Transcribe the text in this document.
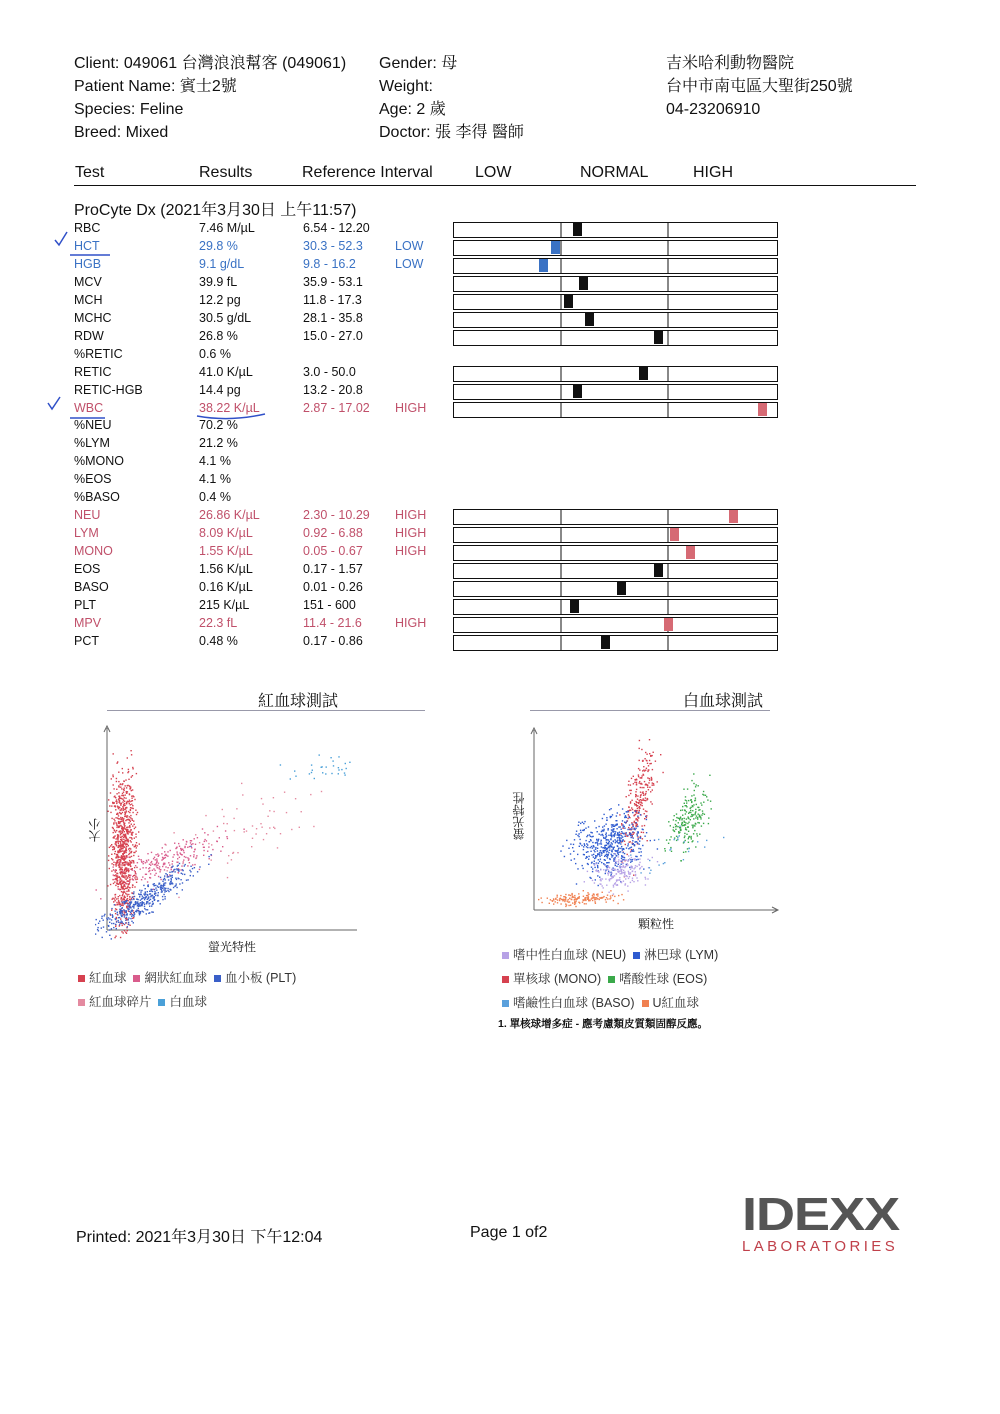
Client: 049061 台灣浪浪幫客 (049061)
Patient Name: 賓士2號
Species: Feline
Breed: Mixed
Gender: 母
Weight:
Age: 2 歲
Doctor: 張 李得 醫師
吉米哈利動物醫院
台中市南屯區大聖街250號
04-23206910
Test	Results	Reference Interval	LOW	NORMAL	HIGH
ProCyte Dx (2021年3月30日 上午11:57)
RBC	7.46 M/µL	6.54 - 12.20
HCT	29.8 %	30.3 - 52.3	LOW
HGB	9.1 g/dL	9.8 - 16.2	LOW
MCV	39.9 fL	35.9 - 53.1
MCH	12.2 pg	11.8 - 17.3
MCHC	30.5 g/dL	28.1 - 35.8
RDW	26.8 %	15.0 - 27.0
%RETIC	0.6 %
RETIC	41.0 K/µL	3.0 - 50.0
RETIC-HGB	14.4 pg	13.2 - 20.8
WBC	38.22 K/µL	2.87 - 17.02 HIGH
%NEU	70.2 %
%LYM	21.2 %
%MONO	4.1 %
%EOS	4.1 %
%BASO	0.4 %
NEU	26.86 K/µL	2.30 - 10.29 HIGH
LYM	8.09 K/µL	0.92 - 6.88	HIGH
MONO	1.55 K/µL	0.05 - 0.67	HIGH
EOS	1.56 K/µL	0.17 - 1.57
BASO	0.16 K/µL	0.01 - 0.26
PLT	215 K/µL	151 - 600
MPV	22.3 fL	11.4 - 21.6	HIGH
PCT	0.48 %	0.17 - 0.86
紅血球測試
大小
螢光特性
紅血球 網狀紅血球 血小板 (PLT)
紅血球碎片 白血球
白血球測試
螢光特性
顆粒性
嗜中性白血球 (NEU) 淋巴球 (LYM)
單核球 (MONO) 嗜酸性球 (EOS)
嗜鹼性白血球 (BASO) U紅血球
1. 單核球增多症 - 應考慮類皮質類固醇反應。
Printed: 2021年3月30日 下午12:04	Page 1 of2	IDEXX
LABORATORIES
